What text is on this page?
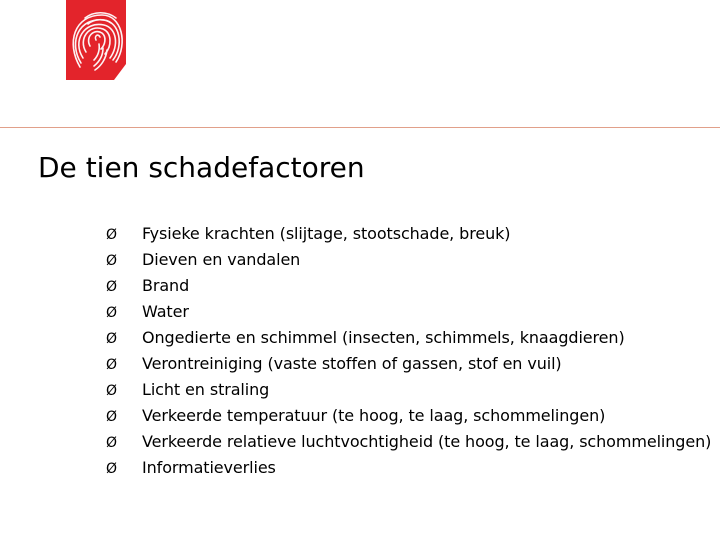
De tien schadefactoren
Ø Fysieke krachten (slijtage, stootschade, breuk)
Ø Dieven en vandalen
Ø Brand
Ø Water
Ø Ongedierte en schimmel (insecten, schimmels, knaagdieren)
Ø Verontreiniging (vaste stoffen of gassen, stof en vuil)
Ø Licht en straling
Ø Verkeerde temperatuur (te hoog, te laag, schommelingen)
Ø Verkeerde relatieve luchtvochtigheid (te hoog, te laag, schommelingen)
Ø Informatieverlies
